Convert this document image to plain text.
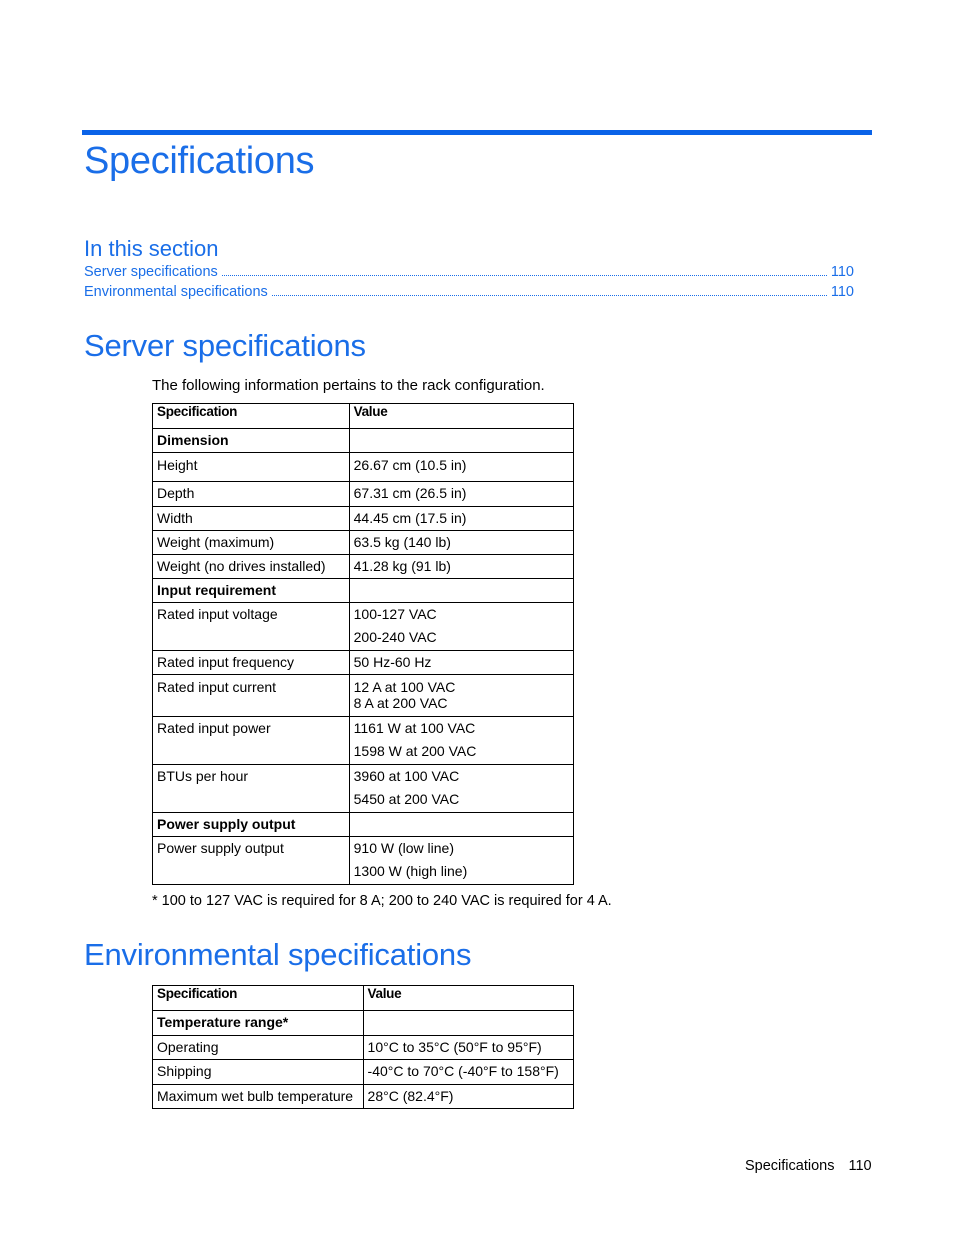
Specifications
In this section
Server specifications	110
Environmental specifications	110
Server specifications

The following information pertains to the rack configuration.

Specification	Value
Dimension	

Height	26.67 cm (10.5 in)

Depth	67.31 cm (26.5 in)

Width	44.45 cm (17.5 in)

Weight (maximum)	63.5 kg (140 lb)

Weight (no drives installed)	41.28 kg (91 lb)

Input requirement	

Rated input voltage	100-127 VAC
200-240 VAC

Rated input frequency	50 Hz-60 Hz

Rated input current	12 A at 100 VAC
8 A at 200 VAC

Rated input power	1161 W at 100 VAC
1598 W at 200 VAC

BTUs per hour	3960 at 100 VAC
5450 at 200 VAC

Power supply output	

Power supply output	910 W (low line)
1300 W (high line)

* 100 to 127 VAC is required for 8 A; 200 to 240 VAC is required for 4 A.

Environmental specifications
Specification	Value
Temperature range*	

Operating	10°C to 35°C (50°F to 95°F)

Shipping	-40°C to 70°C (-40°F to 158°F)

Maximum wet bulb temperature	28°C (82.4°F)
Specifications 110
